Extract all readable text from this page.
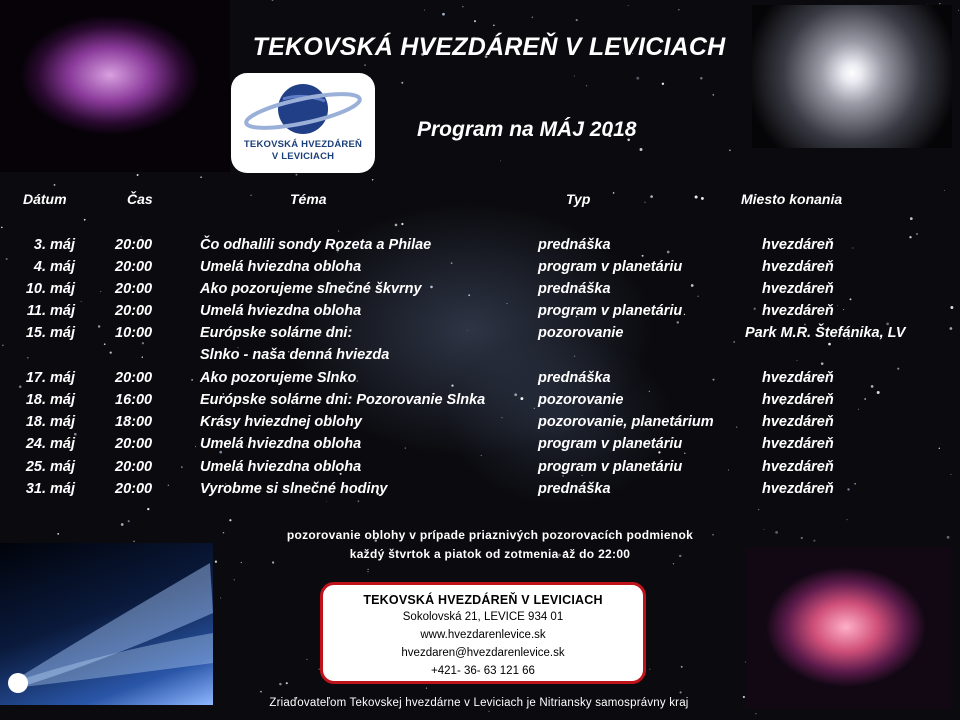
TEKOVSKÁ HVEZDÁREŇ V LEVICIACH
TEKOVSKÁ HVEZDÁREŇ
V LEVICIACH
Program na MÁJ 2018
Dátum	Čas	Téma	Typ	Miesto konania
3. máj	20:00	Čo odhalili sondy Rozeta a Philae	prednáška	hvezdáreň
4. máj	20:00	Umelá hviezdna obloha	program v planetáriu	hvezdáreň
10. máj	20:00	Ako pozorujeme slnečné škvrny	prednáška	hvezdáreň
11. máj	20:00	Umelá hviezdna obloha	program v planetáriu	hvezdáreň
15. máj	10:00	Európske solárne dni:	pozorovanie	Park M.R. Štefánika, LV
Slnko - naša denná hviezda
17. máj	20:00	Ako pozorujeme Slnko	prednáška	hvezdáreň
18. máj	16:00	Európske solárne dni: Pozorovanie Slnka	pozorovanie	hvezdáreň
18. máj	18:00	Krásy hviezdnej oblohy	pozorovanie, planetárium	hvezdáreň
24. máj	20:00	Umelá hviezdna obloha	program v planetáriu	hvezdáreň
25. máj	20:00	Umelá hviezdna obloha	program v planetáriu	hvezdáreň
31. máj	20:00	Vyrobme si slnečné hodiny	prednáška	hvezdáreň
pozorovanie oblohy v prípade priaznivých pozorovacích podmienok
každý štvrtok a piatok od zotmenia až do 22:00
TEKOVSKÁ HVEZDÁREŇ V LEVICIACH
Sokolovská 21, LEVICE 934 01
www.hvezdarenlevice.sk
hvezdaren@hvezdarenlevice.sk
+421- 36- 63 121 66
Zriaďovateľom Tekovskej hvezdárne v Leviciach je Nitriansky samosprávny kraj
